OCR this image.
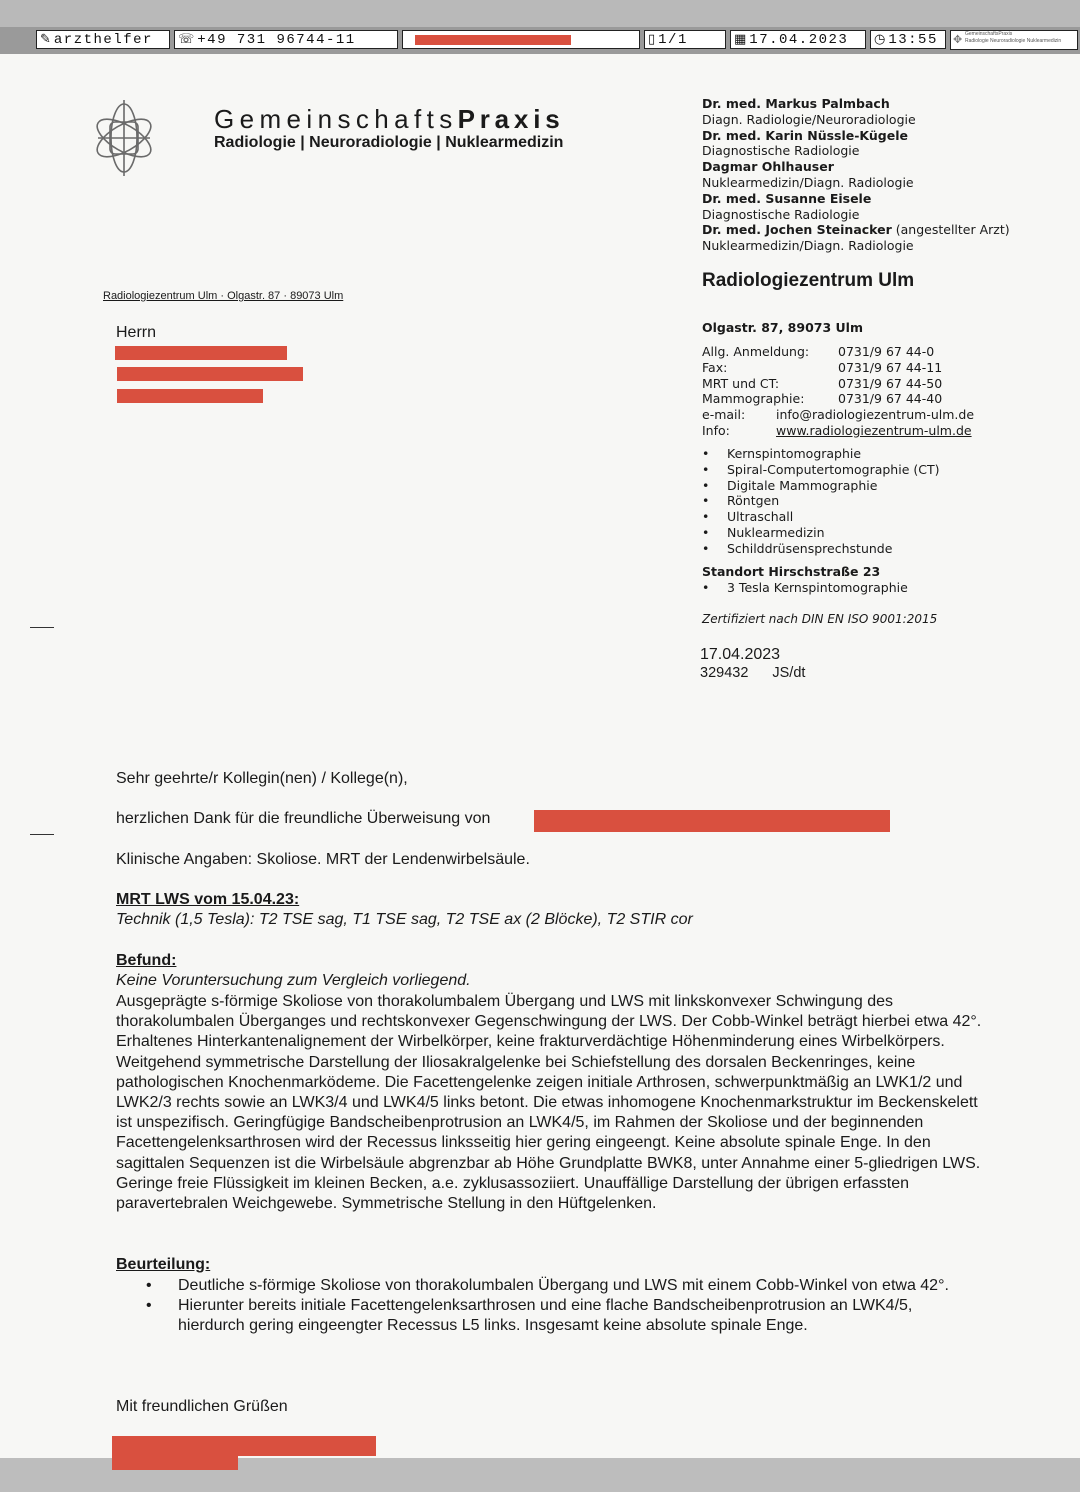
✎ arzthelfer	☏ +49 731 96744-11	▯ 1/1	▦ 17.04.2023	◷ 13:55	✥ GemeinschaftsPraxis
Radiologie Neuroradiologie Nuklearmedizin
GemeinschaftsPraxis
Radiologie | Neuroradiologie | Nuklearmedizin
Dr. med. Markus Palmbach
Diagn. Radiologie/Neuroradiologie
Dr. med. Karin Nüssle-Kügele
Diagnostische Radiologie
Dagmar Ohlhauser
Nuklearmedizin/Diagn. Radiologie
Dr. med. Susanne Eisele
Diagnostische Radiologie
Dr. med. Jochen Steinacker (angestellter Arzt)
Nuklearmedizin/Diagn. Radiologie
Radiologiezentrum Ulm
Olgastr. 87, 89073 Ulm
Allg. Anmeldung: 0731/9 67 44-0
Fax:	0731/9 67 44-11
MRT und CT:	0731/9 67 44-50
Mammographie:	0731/9 67 44-40
e-mail: info@radiologiezentrum-ulm.de
Info:	www.radiologiezentrum-ulm.de
• Kernspintomographie
• Spiral-Computertomographie (CT)
• Digitale Mammographie
• Röntgen
• Ultraschall
• Nuklearmedizin
• Schilddrüsensprechstunde
Standort Hirschstraße 23
• 3 Tesla Kernspintomographie
Zertifiziert nach DIN EN ISO 9001:2015
17.04.2023
329432 JS/dt
Radiologiezentrum Ulm · Olgastr. 87 · 89073 Ulm
Herrn
Sehr geehrte/r Kollegin(nen) / Kollege(n),
herzlichen Dank für die freundliche Überweisung von
Klinische Angaben: Skoliose. MRT der Lendenwirbelsäule.
MRT LWS vom 15.04.23:
Technik (1,5 Tesla): T2 TSE sag, T1 TSE sag, T2 TSE ax (2 Blöcke), T2 STIR cor
Befund:
Keine Voruntersuchung zum Vergleich vorliegend.
Ausgeprägte s-förmige Skoliose von thorakolumbalem Übergang und LWS mit linkskonvexer Schwingung des thorakolumbalen Überganges und rechtskonvexer Gegenschwingung der LWS. Der Cobb-Winkel beträgt hierbei etwa 42°. Erhaltenes Hinterkantenalignement der Wirbelkörper, keine frakturverdächtige Höhenminderung eines Wirbelkörpers. Weitgehend symmetrische Darstellung der Iliosakralgelenke bei Schiefstellung des dorsalen Beckenringes, keine pathologischen Knochenmarködeme. Die Facettengelenke zeigen initiale Arthrosen, schwerpunktmäßig an LWK1/2 und LWK2/3 rechts sowie an LWK3/4 und LWK4/5 links betont. Die etwas inhomogene Knochenmarkstruktur im Beckenskelett ist unspezifisch. Geringfügige Bandscheibenprotrusion an LWK4/5, im Rahmen der Skoliose und der beginnenden Facettengelenksarthrosen wird der Recessus linksseitig hier gering eingeengt. Keine absolute spinale Enge. In den sagittalen Sequenzen ist die Wirbelsäule abgrenzbar ab Höhe Grundplatte BWK8, unter Annahme einer 5-gliedrigen LWS. Geringe freie Flüssigkeit im kleinen Becken, a.e. zyklusassoziiert. Unauffällige Darstellung der übrigen erfassten paravertebralen Weichgewebe. Symmetrische Stellung in den Hüftgelenken.
Beurteilung:
• Deutliche s-förmige Skoliose von thorakolumbalen Übergang und LWS mit einem Cobb-Winkel von etwa 42°.
• Hierunter bereits initiale Facettengelenksarthrosen und eine flache Bandscheibenprotrusion an LWK4/5, hierdurch gering eingeengter Recessus L5 links. Insgesamt keine absolute spinale Enge.
Mit freundlichen Grüßen
